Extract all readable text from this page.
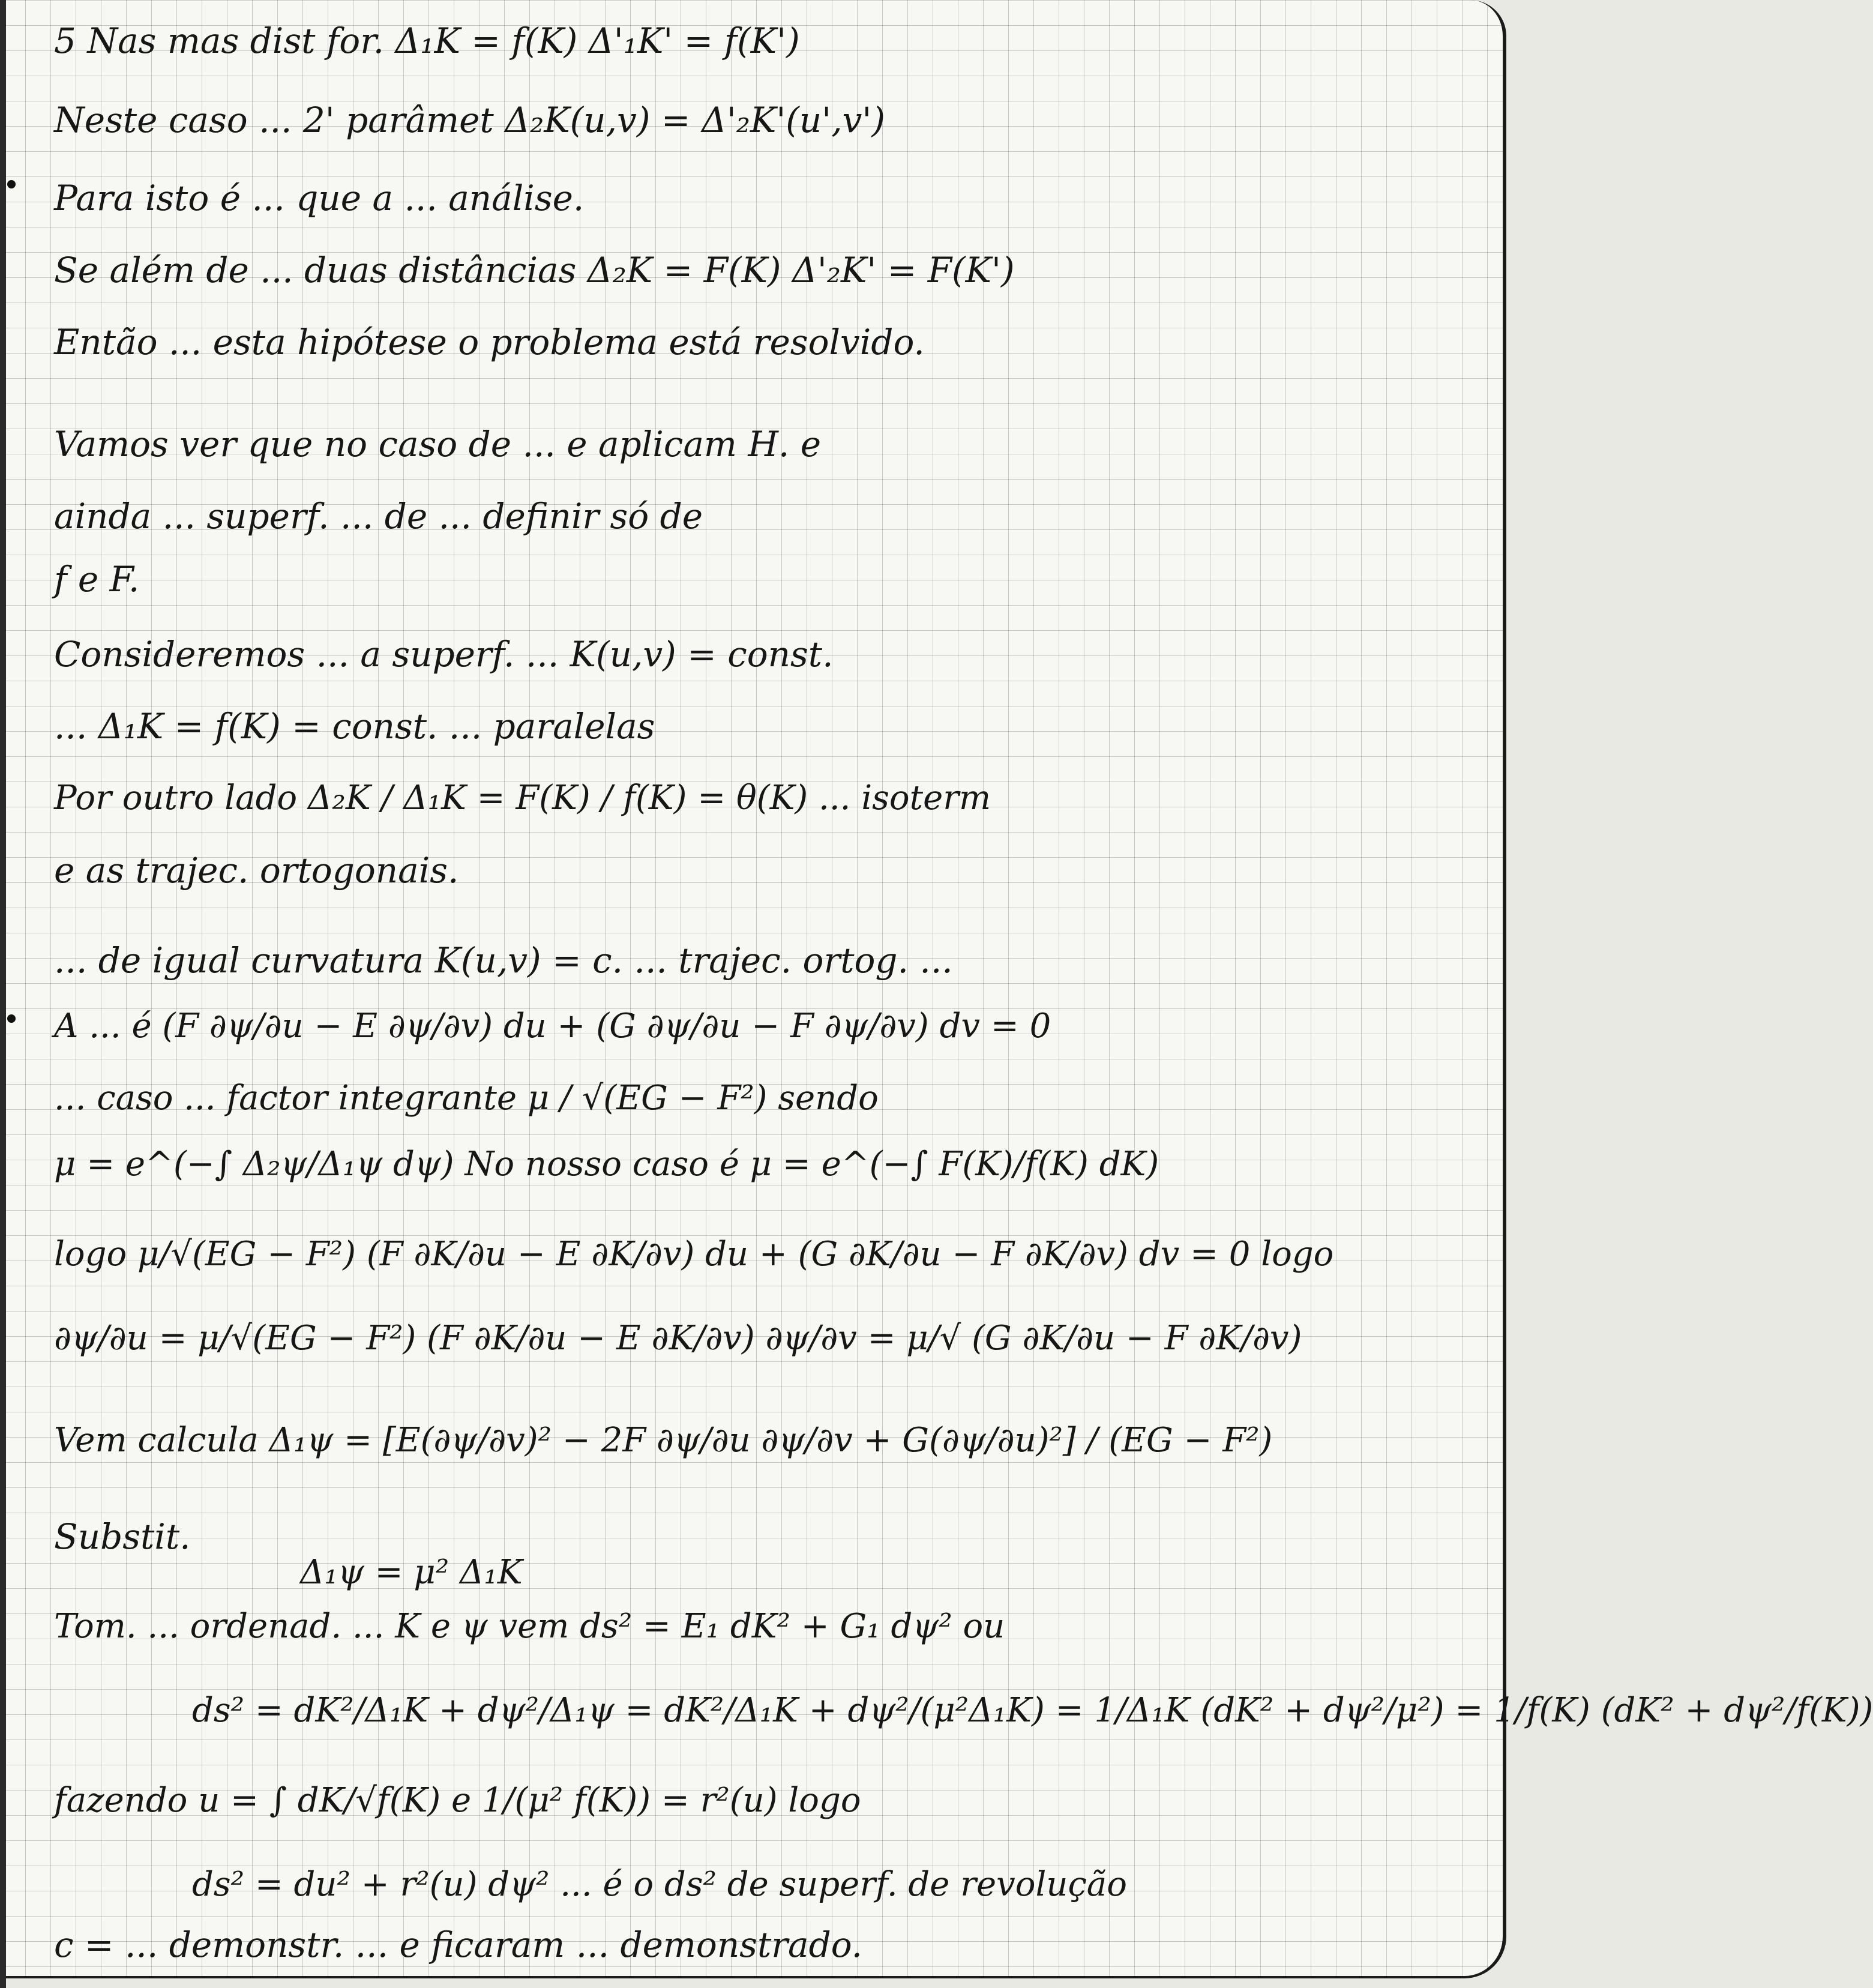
5 Nas mas dist for. Δ₁K = f(K) Δ'₁K' = f(K')
Neste caso ... 2' parâmet Δ₂K(u,v) = Δ'₂K'(u',v')
Para isto é ... que a ... análise.
Se além de ... duas distâncias Δ₂K = F(K) Δ'₂K' = F(K')
Então ... esta hipótese o problema está resolvido.
Vamos ver que no caso de ... e aplicam H. e
ainda ... superf. ... de ... definir só de
f e F.
Consideremos ... a superf. ... K(u,v) = const.
... Δ₁K = f(K) = const. ... paralelas
Por outro lado Δ₂K / Δ₁K = F(K) / f(K) = θ(K) ... isoterm
e as trajec. ortogonais.
... de igual curvatura K(u,v) = c. ... trajec. ortog. ...
A ... é (F ∂ψ/∂u − E ∂ψ/∂v) du + (G ∂ψ/∂u − F ∂ψ/∂v) dv = 0
... caso ... factor integrante μ / √(EG − F²) sendo
μ = e^(−∫ Δ₂ψ/Δ₁ψ dψ) No nosso caso é μ = e^(−∫ F(K)/f(K) dK)
logo μ/√(EG − F²) (F ∂K/∂u − E ∂K/∂v) du + (G ∂K/∂u − F ∂K/∂v) dv = 0 logo
∂ψ/∂u = μ/√(EG − F²) (F ∂K/∂u − E ∂K/∂v) ∂ψ/∂v = μ/√ (G ∂K/∂u − F ∂K/∂v)
Vem calcula Δ₁ψ = [E(∂ψ/∂v)² − 2F ∂ψ/∂u ∂ψ/∂v + G(∂ψ/∂u)²] / (EG − F²)
Substit.
Δ₁ψ = μ² Δ₁K
Tom. ... ordenad. ... K e ψ vem ds² = E₁ dK² + G₁ dψ² ou
ds² = dK²/Δ₁K + dψ²/Δ₁ψ = dK²/Δ₁K + dψ²/(μ²Δ₁K) = 1/Δ₁K (dK² + dψ²/μ²) = 1/f(K) (dK² + dψ²/f(K))
fazendo u = ∫ dK/√f(K) e 1/(μ² f(K)) = r²(u) logo
ds² = du² + r²(u) dψ² ... é o ds² de superf. de revolução
c = ... demonstr. ... e ficaram ... demonstrado.
